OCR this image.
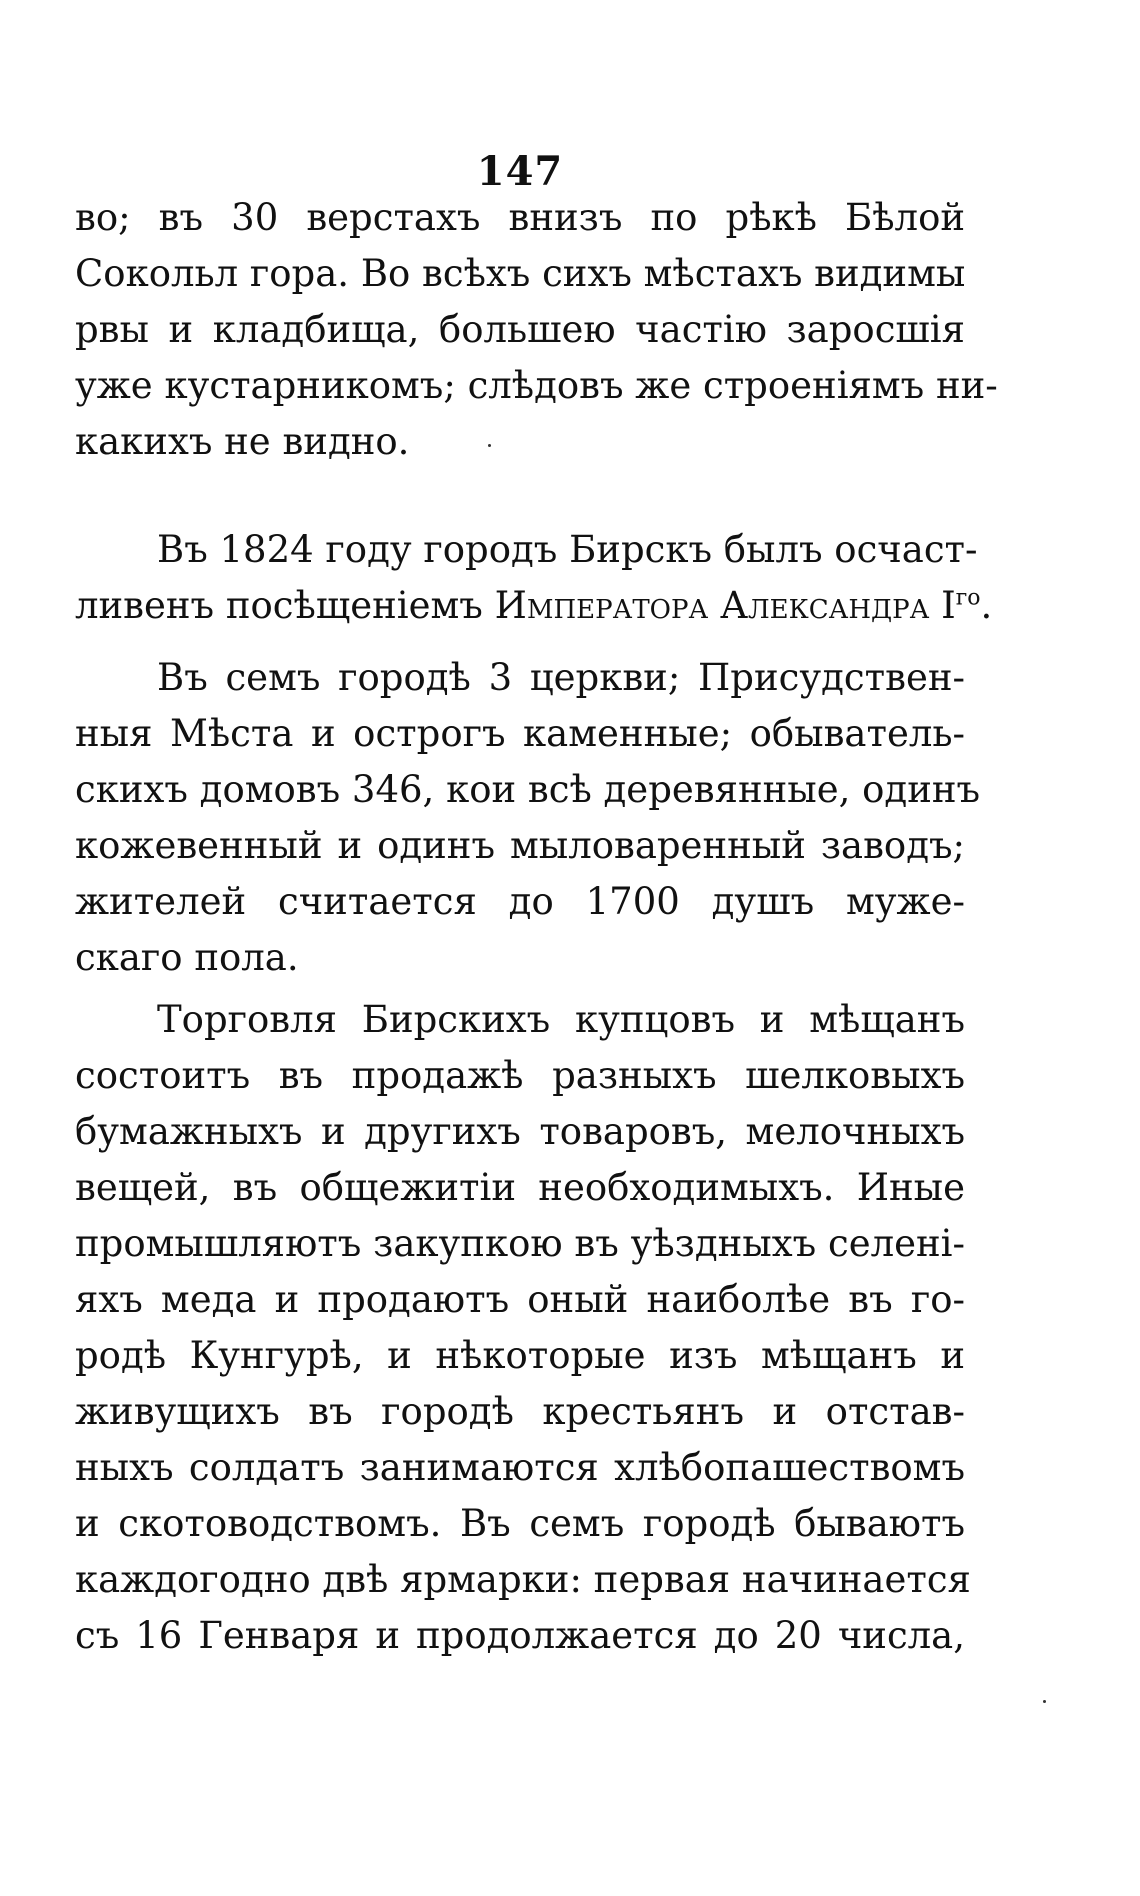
147
во; въ 30 верстахъ внизъ по рѣкѣ Бѣлой
Сокольл гора. Во всѣхъ сихъ мѣстахъ видимы
рвы и кладбища, большею частію заросшія
уже кустарникомъ; слѣдовъ же строеніямъ ни-
какихъ не видно.
Въ 1824 году городъ Бирскъ былъ осчаст-
ливенъ посѣщеніемъ Императора Александра $I^{го}$.
Въ семъ городѣ 3 церкви; Присудствен-
ныя Мѣста и острогъ каменные; обыватель-
скихъ домовъ 346, кои всѣ деревянные, одинъ
кожевенный и одинъ мыловаренный заводъ;
жителей считается до 1700 душъ муже-
скаго пола.
Торговля Бирскихъ купцовъ и мѣщанъ
состоитъ въ продажѣ разныхъ шелковыхъ
бумажныхъ и другихъ товаровъ, мелочныхъ
вещей, въ общежитіи необходимыхъ. Иные
промышляютъ закупкою въ уѣздныхъ селені-
яхъ меда и продаютъ оный наиболѣе въ го-
родѣ Кунгурѣ, и нѣкоторые изъ мѣщанъ и
живущихъ въ городѣ крестьянъ и отстав-
ныхъ солдатъ занимаются хлѣбопашествомъ
и скотоводствомъ. Въ семъ городѣ бываютъ
каждогодно двѣ ярмарки: первая начинается
съ 16 Генваря и продолжается до 20 числа,
